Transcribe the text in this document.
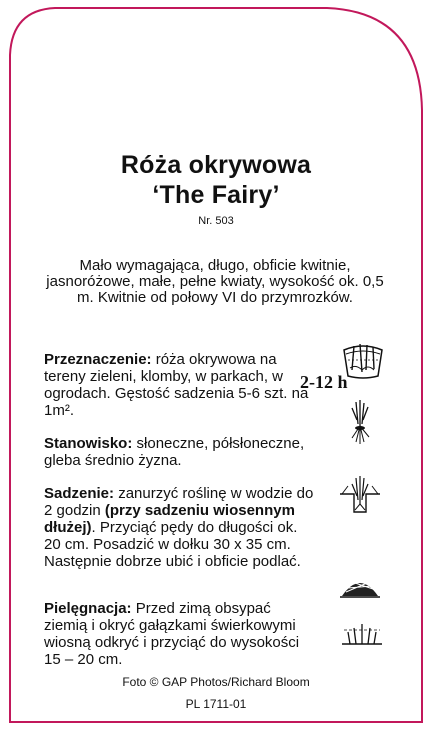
Róża okrywowa
‘The Fairy’
Nr. 503
Mało wymagająca, długo, obficie kwitnie, jasnoróżowe, małe, pełne kwiaty, wysokość ok. 0,5 m. Kwitnie od połowy VI do przymrozków.
Przeznaczenie: róża okrywowa na tereny zieleni, klomby, w parkach, w ogrodach. Gęstość sadzenia 5-6 szt. na 1m².
Stanowisko: słoneczne, półsłoneczne, gleba średnio żyzna.
Sadzenie: zanurzyć roślinę w wodzie do 2 godzin (przy sadzeniu wiosennym dłużej). Przyciąć pędy do długości ok. 20 cm. Posadzić w dołku 30 x 35 cm. Następnie dobrze ubić i obficie podlać.
Pielęgnacja: Przed zimą obsypać ziemią i okryć gałązkami świerkowymi wiosną odkryć i przyciąć do wysokości 15 – 20 cm.
2-12 h
Foto © GAP Photos/Richard Bloom
PL 1711-01
